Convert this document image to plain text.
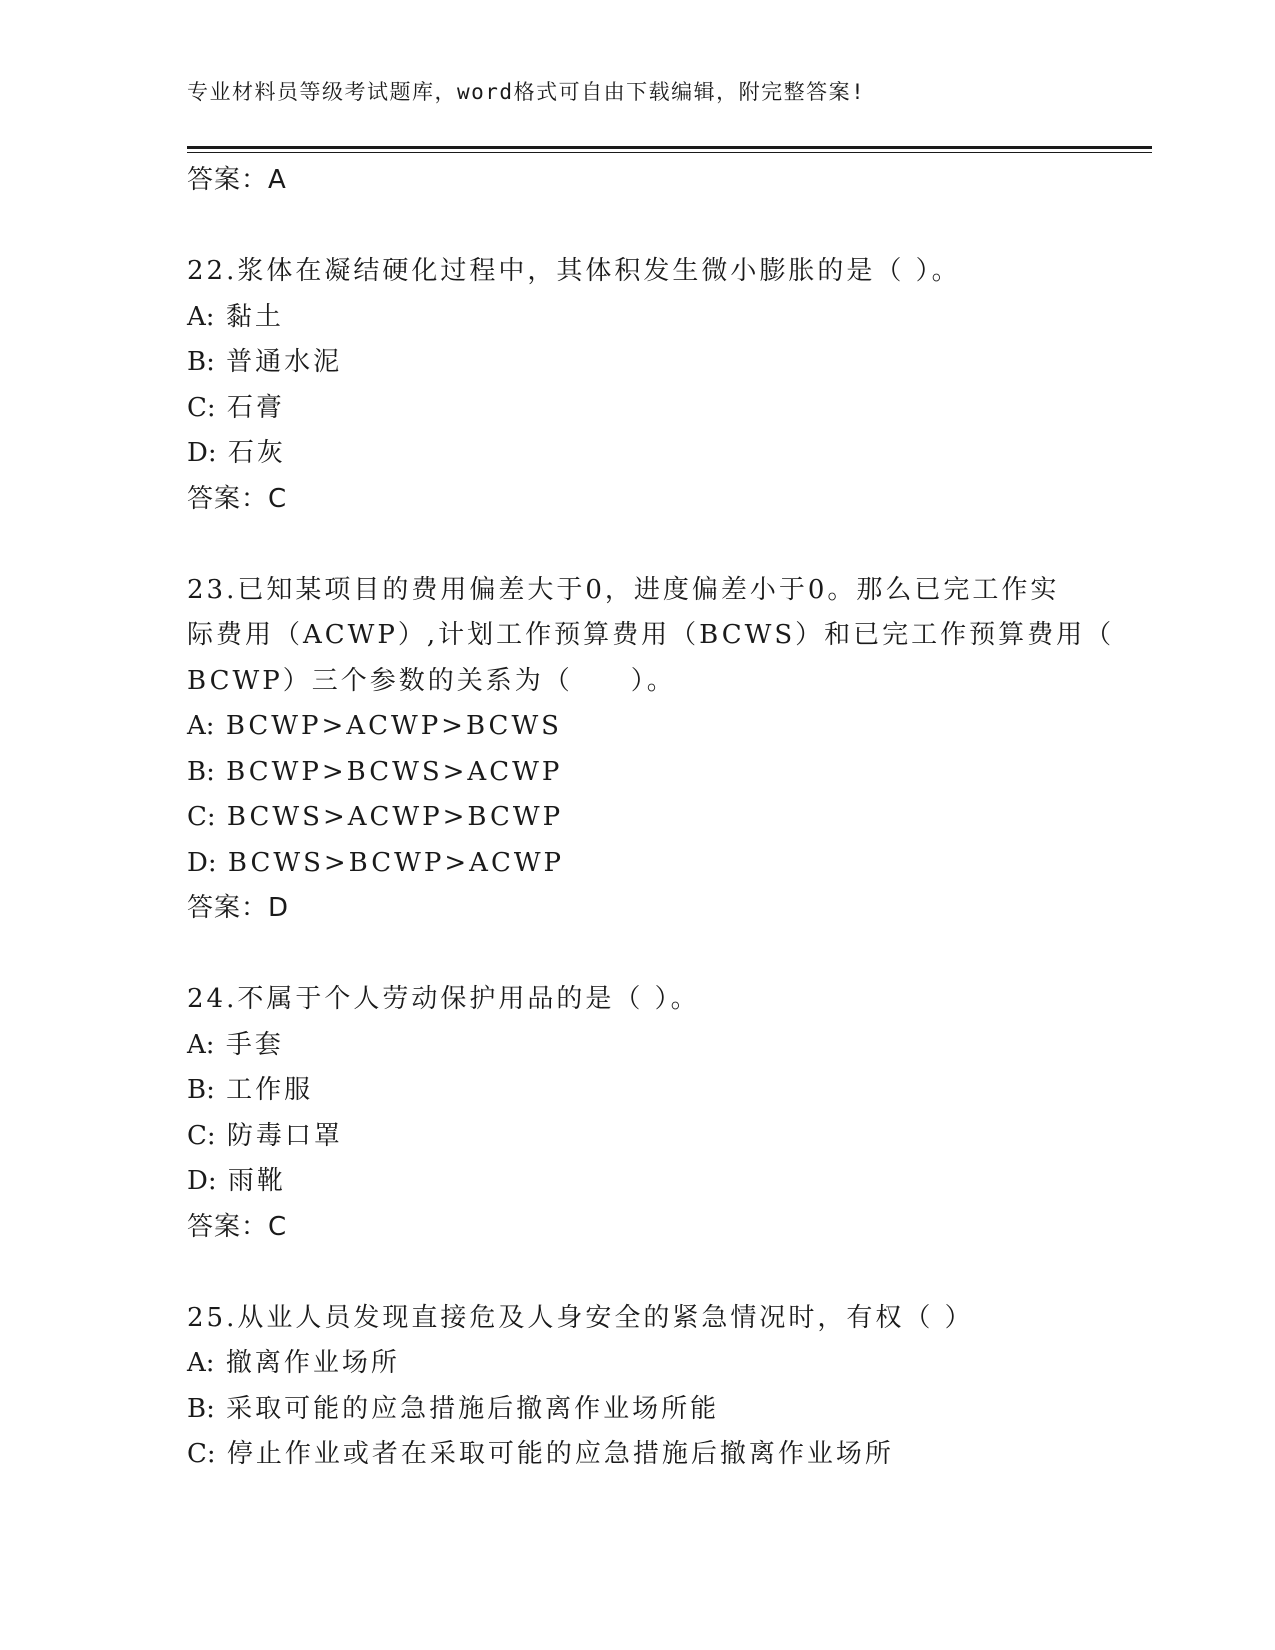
专业材料员等级考试题库，word格式可自由下载编辑，附完整答案!
答案：A
22.浆体在凝结硬化过程中，其体积发生微小膨胀的是（ ）。
A: 黏土
B: 普通水泥
C: 石膏
D: 石灰
答案：C
23.已知某项目的费用偏差大于0，进度偏差小于0。那么已完工作实
际费用（ACWP）,计划工作预算费用（BCWS）和已完工作预算费用（
BCWP）三个参数的关系为（　　）。
A: BCWP>ACWP>BCWS
B: BCWP>BCWS>ACWP
C: BCWS>ACWP>BCWP
D: BCWS>BCWP>ACWP
答案：D
24.不属于个人劳动保护用品的是（ ）。
A: 手套
B: 工作服
C: 防毒口罩
D: 雨靴
答案：C
25.从业人员发现直接危及人身安全的紧急情况时，有权（ ）
A: 撤离作业场所
B: 采取可能的应急措施后撤离作业场所能
C: 停止作业或者在采取可能的应急措施后撤离作业场所
